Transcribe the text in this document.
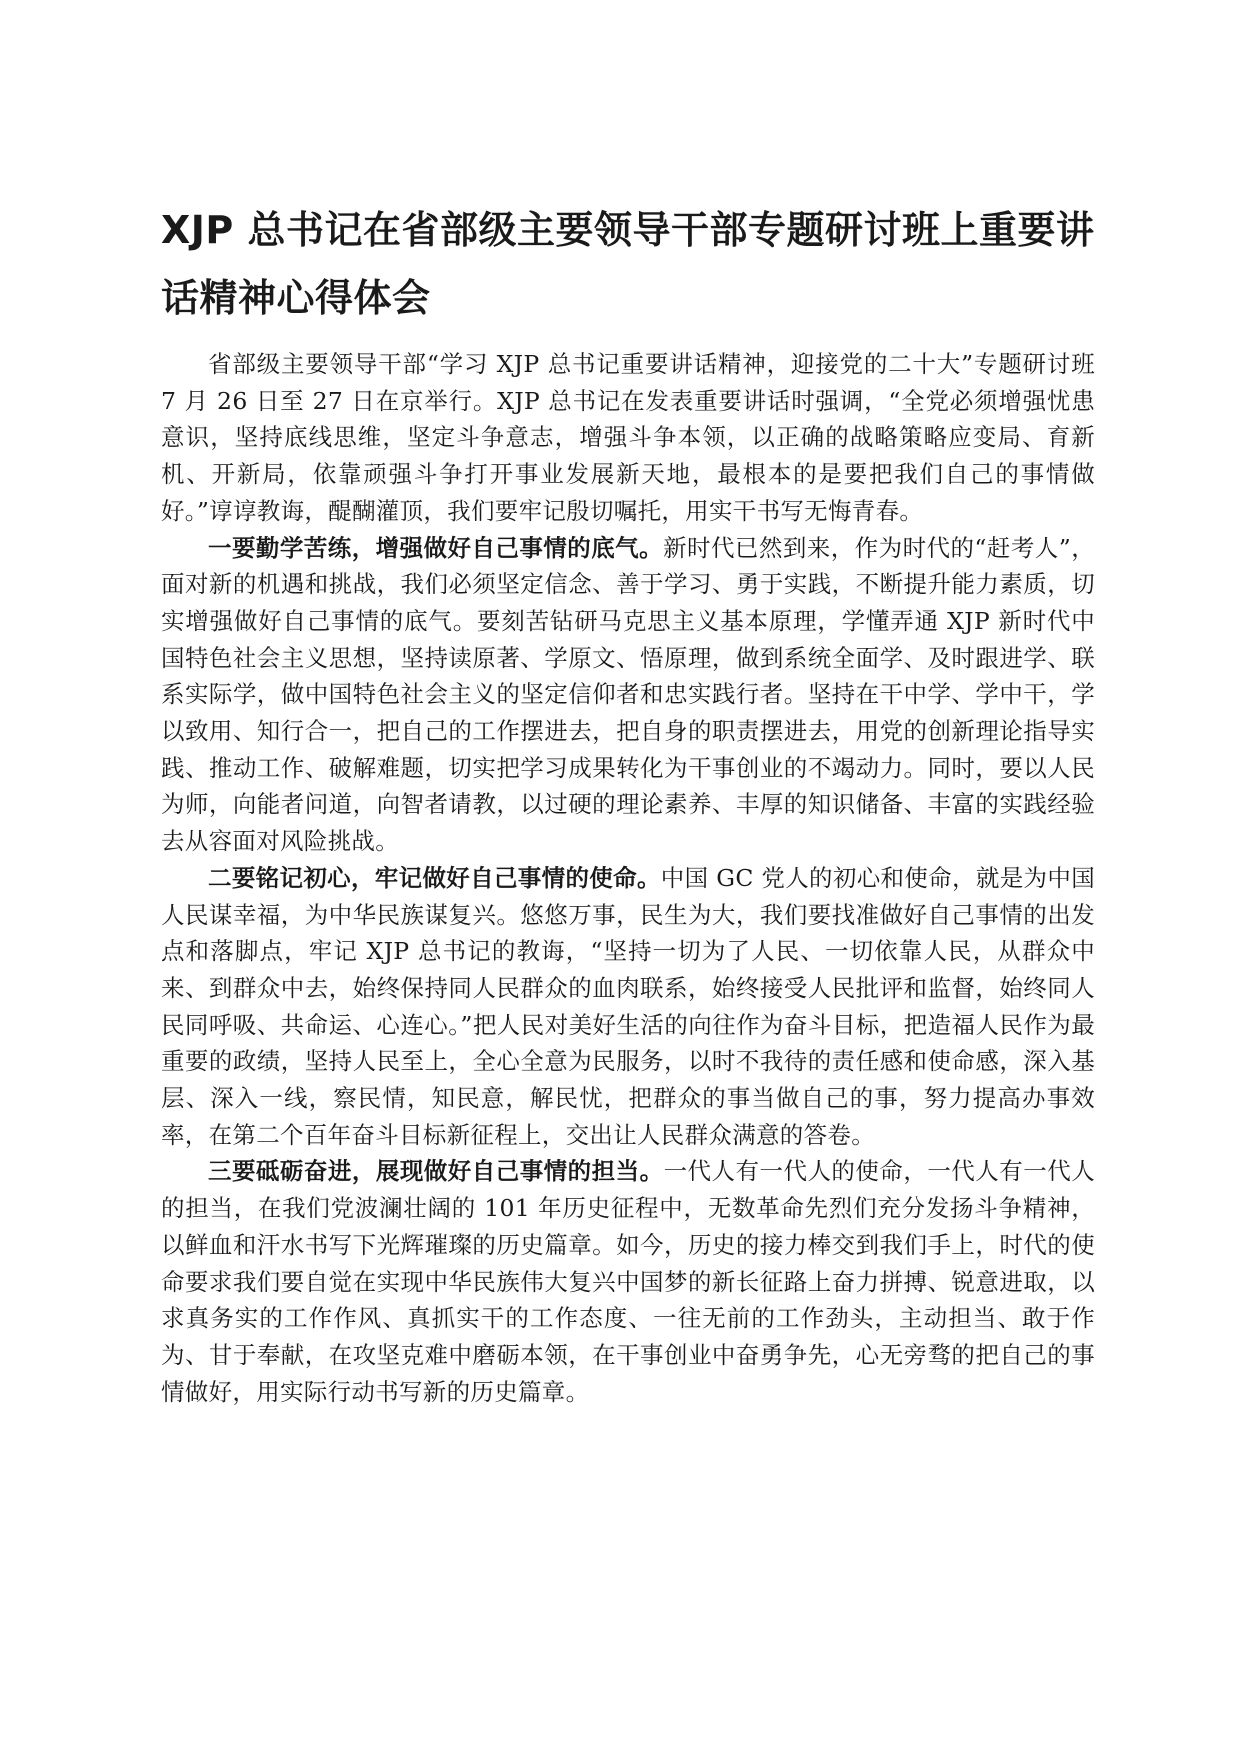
XJP 总书记在省部级主要领导干部专题研讨班上重要讲话精神心得体会

省部级主要领导干部“学习 XJP 总书记重要讲话精神，迎接党的二十大”专题研讨班 7 月 26 日至 27 日在京举行。XJP 总书记在发表重要讲话时强调，“全党必须增强忧患意识，坚持底线思维，坚定斗争意志，增强斗争本领，以正确的战略策略应变局、育新机、开新局，依靠顽强斗争打开事业发展新天地，最根本的是要把我们自己的事情做好。”谆谆教诲，醍醐灌顶，我们要牢记殷切嘱托，用实干书写无悔青春。

一要勤学苦练，增强做好自己事情的底气。新时代已然到来，作为时代的“赶考人”，面对新的机遇和挑战，我们必须坚定信念、善于学习、勇于实践，不断提升能力素质，切实增强做好自己事情的底气。要刻苦钻研马克思主义基本原理，学懂弄通 XJP 新时代中国特色社会主义思想，坚持读原著、学原文、悟原理，做到系统全面学、及时跟进学、联系实际学，做中国特色社会主义的坚定信仰者和忠实践行者。坚持在干中学、学中干，学以致用、知行合一，把自己的工作摆进去，把自身的职责摆进去，用党的创新理论指导实践、推动工作、破解难题，切实把学习成果转化为干事创业的不竭动力。同时，要以人民为师，向能者问道，向智者请教，以过硬的理论素养、丰厚的知识储备、丰富的实践经验去从容面对风险挑战。

二要铭记初心，牢记做好自己事情的使命。中国 GC 党人的初心和使命，就是为中国人民谋幸福，为中华民族谋复兴。悠悠万事，民生为大，我们要找准做好自己事情的出发点和落脚点，牢记 XJP 总书记的教诲，“坚持一切为了人民、一切依靠人民，从群众中来、到群众中去，始终保持同人民群众的血肉联系，始终接受人民批评和监督，始终同人民同呼吸、共命运、心连心。”把人民对美好生活的向往作为奋斗目标，把造福人民作为最重要的政绩，坚持人民至上，全心全意为民服务，以时不我待的责任感和使命感，深入基层、深入一线，察民情，知民意，解民忧，把群众的事当做自己的事，努力提高办事效率，在第二个百年奋斗目标新征程上，交出让人民群众满意的答卷。

三要砥砺奋进，展现做好自己事情的担当。一代人有一代人的使命，一代人有一代人的担当，在我们党波澜壮阔的 101 年历史征程中，无数革命先烈们充分发扬斗争精神，以鲜血和汗水书写下光辉璀璨的历史篇章。如今，历史的接力棒交到我们手上，时代的使命要求我们要自觉在实现中华民族伟大复兴中国梦的新长征路上奋力拼搏、锐意进取，以求真务实的工作作风、真抓实干的工作态度、一往无前的工作劲头，主动担当、敢于作为、甘于奉献，在攻坚克难中磨砺本领，在干事创业中奋勇争先，心无旁骛的把自己的事情做好，用实际行动书写新的历史篇章。
